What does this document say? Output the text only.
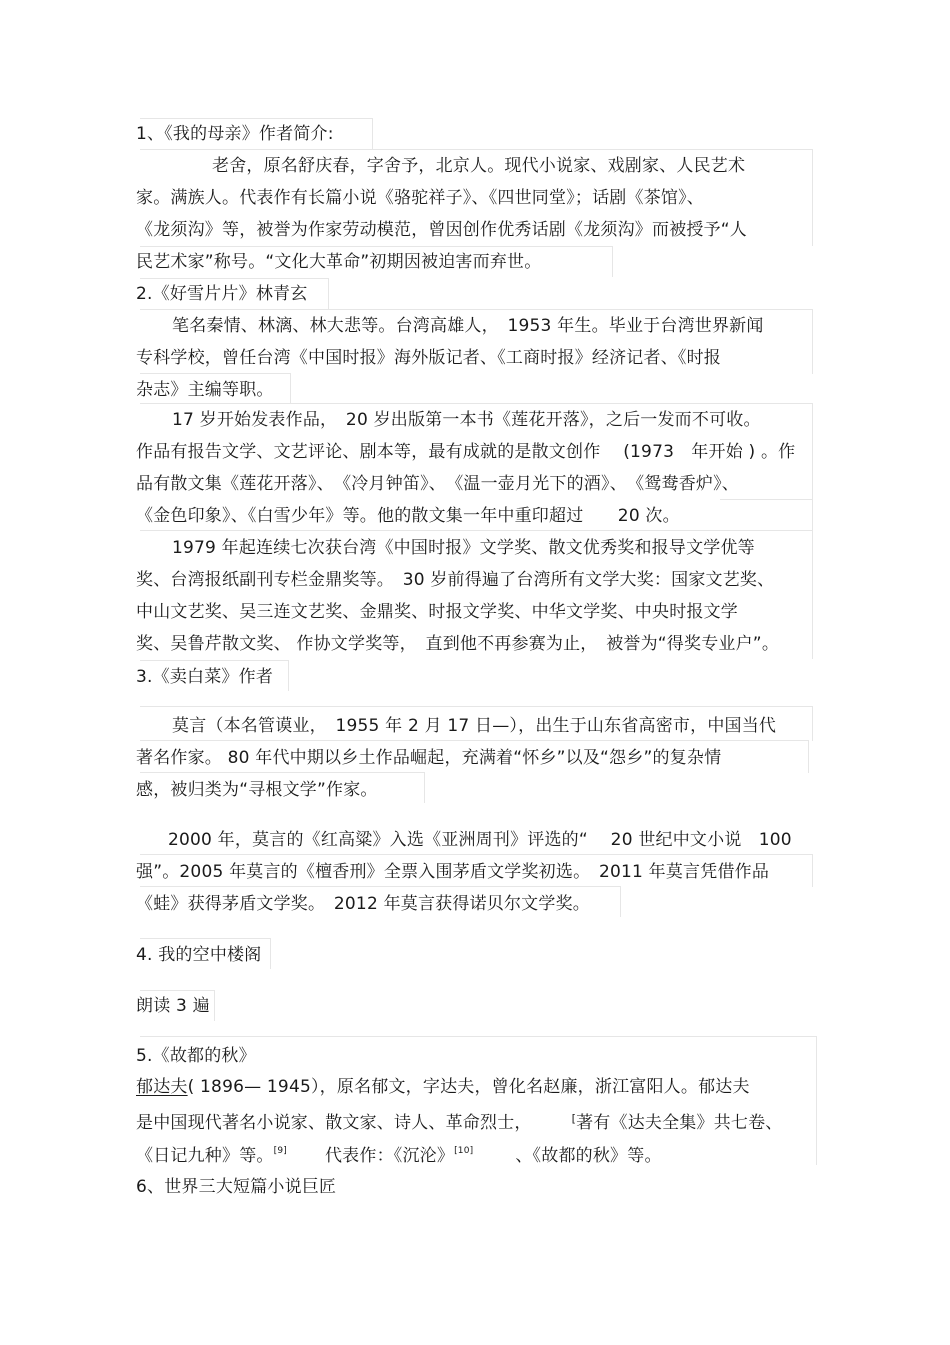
1、《我的母亲》作者简介:
老舍，原名舒庆春，字舍予，北京人。现代小说家、戏剧家、人民艺术
家。满族人。代表作有长篇小说《骆驼祥子》、《四世同堂》；话剧《茶馆》、
《龙须沟》等，被誉为作家劳动模范，曾因创作优秀话剧《龙须沟》而被授予“人
民艺术家”称号。“文化大革命”初期因被迫害而弃世。
2.《好雪片片》林青玄
笔名秦情、林漓、林大悲等。台湾高雄人，　1953 年生。毕业于台湾世界新闻
专科学校，曾任台湾《中国时报》海外版记者、《工商时报》经济记者、《时报
杂志》主编等职。
17 岁开始发表作品，　20 岁出版第一本书《莲花开落》，之后一发而不可收。
作品有报告文学、文艺评论、剧本等，最有成就的是散文创作　 (1973　年开始 ) 。作
品有散文集《莲花开落》、　《冷月钟笛》、　《温一壶月光下的酒》、　《鸳鸯香炉》、
《金色印象》、《白雪少年》等。他的散文集一年中重印超过　　20 次。
1979 年起连续七次获台湾《中国时报》文学奖、散文优秀奖和报导文学优等
奖、台湾报纸副刊专栏金鼎奖等。　30 岁前得遍了台湾所有文学大奖：国家文艺奖、
中山文艺奖、吴三连文艺奖、金鼎奖、时报文学奖、中华文学奖、中央时报文学
奖、吴鲁芹散文奖、 作协文学奖等，　直到他不再参赛为止，　被誉为“得奖专业户”。
3.《卖白菜》作者
莫言（本名管谟业，　1955 年 2 月 17 日—），出生于山东省高密市，中国当代
著名作家。 80 年代中期以乡土作品崛起，充满着“怀乡”以及“怨乡”的复杂情
感，被归类为“寻根文学”作家。
2000 年，莫言的《红高粱》入选《亚洲周刊》评选的“　 20 世纪中文小说　100
强”。2005 年莫言的《檀香刑》全票入围茅盾文学奖初选。　2011 年莫言凭借作品
《蛙》获得茅盾文学奖。　2012 年莫言获得诺贝尔文学奖。
4. 我的空中楼阁
朗读 3 遍
5.《故都的秋》
郁达夫( 1896— 1945），原名郁文，字达夫，曾化名赵廉，浙江富阳人。郁达夫
是中国现代著名小说家、散文家、诗人、革命烈士，	[著有《达夫全集》共七卷、
《日记九种》等。[9] 代表作：《沉沦》[10] 、《故都的秋》等。
6、世界三大短篇小说巨匠
